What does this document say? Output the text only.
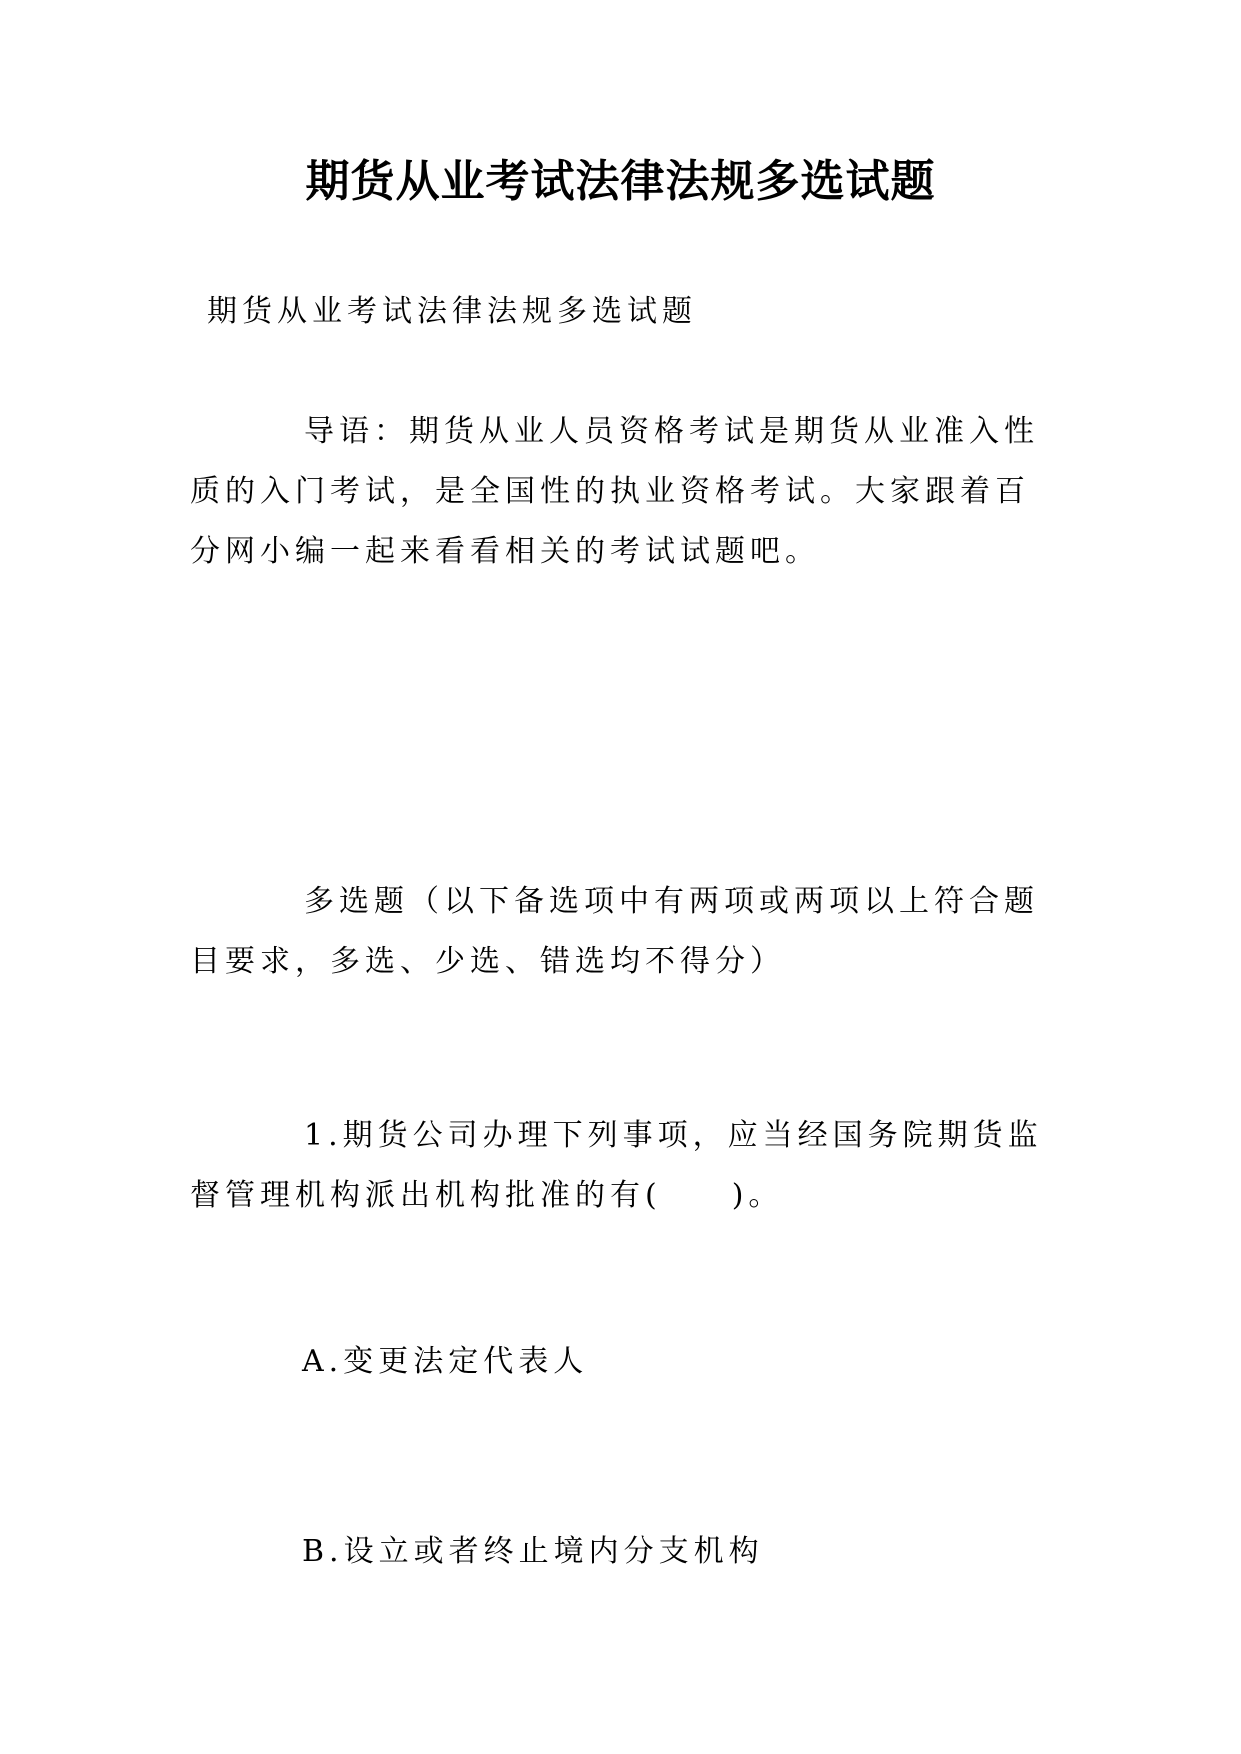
期货从业考试法律法规多选试题

期货从业考试法律法规多选试题

导语：期货从业人员资格考试是期货从业准入性质的入门考试，是全国性的执业资格考试。大家跟着百分网小编一起来看看相关的考试试题吧。

多选题（以下备选项中有两项或两项以上符合题目要求，多选、少选、错选均不得分）

1.期货公司办理下列事项，应当经国务院期货监督管理机构派出机构批准的有(　　)。

A.变更法定代表人

B.设立或者终止境内分支机构
